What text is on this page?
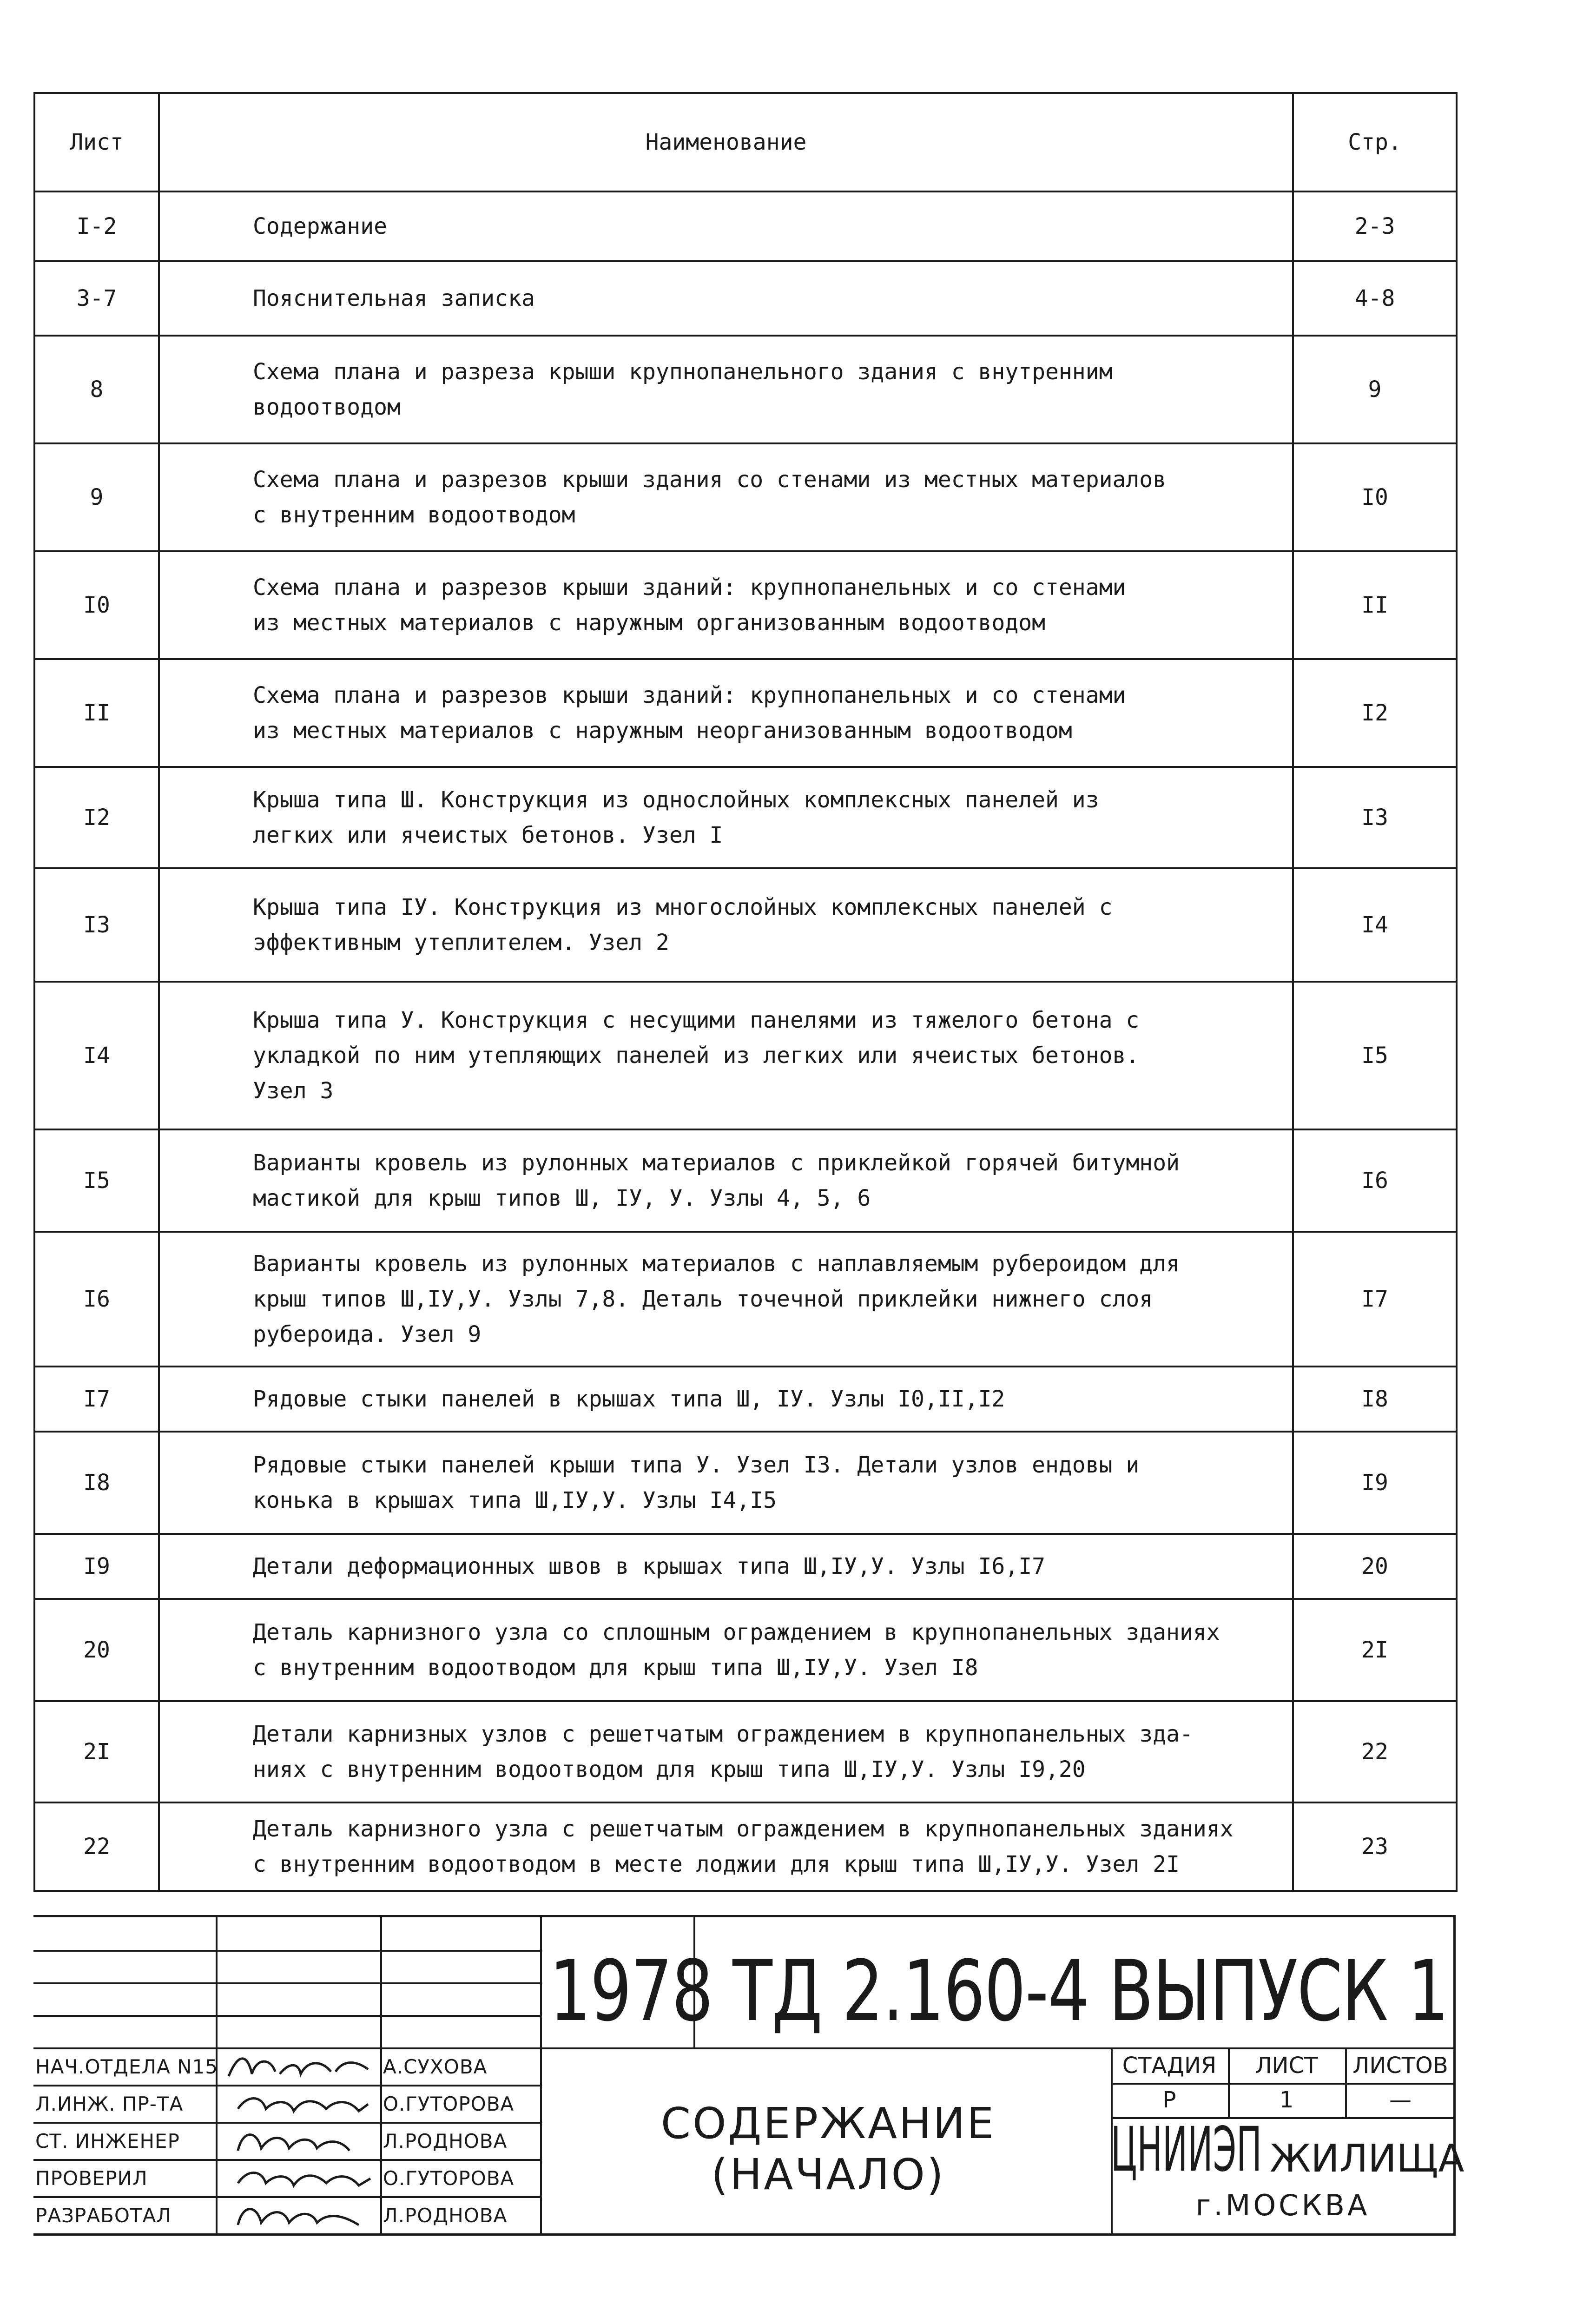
Лист	Наименование	Стр.
I-2	Содержание	2-3
3-7	Пояснительная записка	4-8
8	Схема плана и разреза крыши крупнопанельного здания с внутренним
водоотводом	9
9	Схема плана и разрезов крыши здания со стенами из местных материалов
с внутренним водоотводом	I0
I0	Схема плана и разрезов крыши зданий: крупнопанельных и со стенами
из местных материалов с наружным организованным водоотводом	II
II	Схема плана и разрезов крыши зданий: крупнопанельных и со стенами
из местных материалов с наружным неорганизованным водоотводом	I2
I2	Крыша типа Ш. Конструкция из однослойных комплексных панелей из
легких или ячеистых бетонов. Узел I	I3
I3	Крыша типа IУ. Конструкция из многослойных комплексных панелей с
эффективным утеплителем. Узел 2	I4
I4	Крыша типа У. Конструкция с несущими панелями из тяжелого бетона с
укладкой по ним утепляющих панелей из легких или ячеистых бетонов.
Узел 3	I5
I5	Варианты кровель из рулонных материалов с приклейкой горячей битумной
мастикой для крыш типов Ш, IУ, У. Узлы 4, 5, 6	I6
I6	Варианты кровель из рулонных материалов с наплавляемым рубероидом для
крыш типов Ш,IУ,У. Узлы 7,8. Деталь точечной приклейки нижнего слоя
рубероида. Узел 9	I7
I7	Рядовые стыки панелей в крышах типа Ш, IУ. Узлы I0,II,I2	I8
I8	Рядовые стыки панелей крыши типа У. Узел I3. Детали узлов ендовы и
конька в крышах типа Ш,IУ,У. Узлы I4,I5	I9
I9	Детали деформационных швов в крышах типа Ш,IУ,У. Узлы I6,I7	20
20	Деталь карнизного узла со сплошным ограждением в крупнопанельных зданиях
с внутренним водоотводом для крыш типа Ш,IУ,У. Узел I8	2I
2I	Детали карнизных узлов с решетчатым ограждением в крупнопанельных зда-
ниях с внутренним водоотводом для крыш типа Ш,IУ,У. Узлы I9,20	22
22	Деталь карнизного узла с решетчатым ограждением в крупнопанельных зданиях
с внутренним водоотводом в месте лоджии для крыш типа Ш,IУ,У. Узел 2I	23
НАЧ.ОТДЕЛА N15	А.СУХОВА
Л.ИНЖ. ПР-ТА	О.ГУТОРОВА
СТ. ИНЖЕНЕР	Л.РОДНОВА
ПРОВЕРИЛ	О.ГУТОРОВА
РАЗРАБОТАЛ	Л.РОДНОВА
1978 ТД 2.160-4 ВЫПУСК 1
СОДЕРЖАНИЕ
(НАЧАЛО)
СТАДИЯ	ЛИСТ	ЛИСТОВ
Р	1	—
ЦНИИЭП ЖИЛИЩА
г.МОСКВА
